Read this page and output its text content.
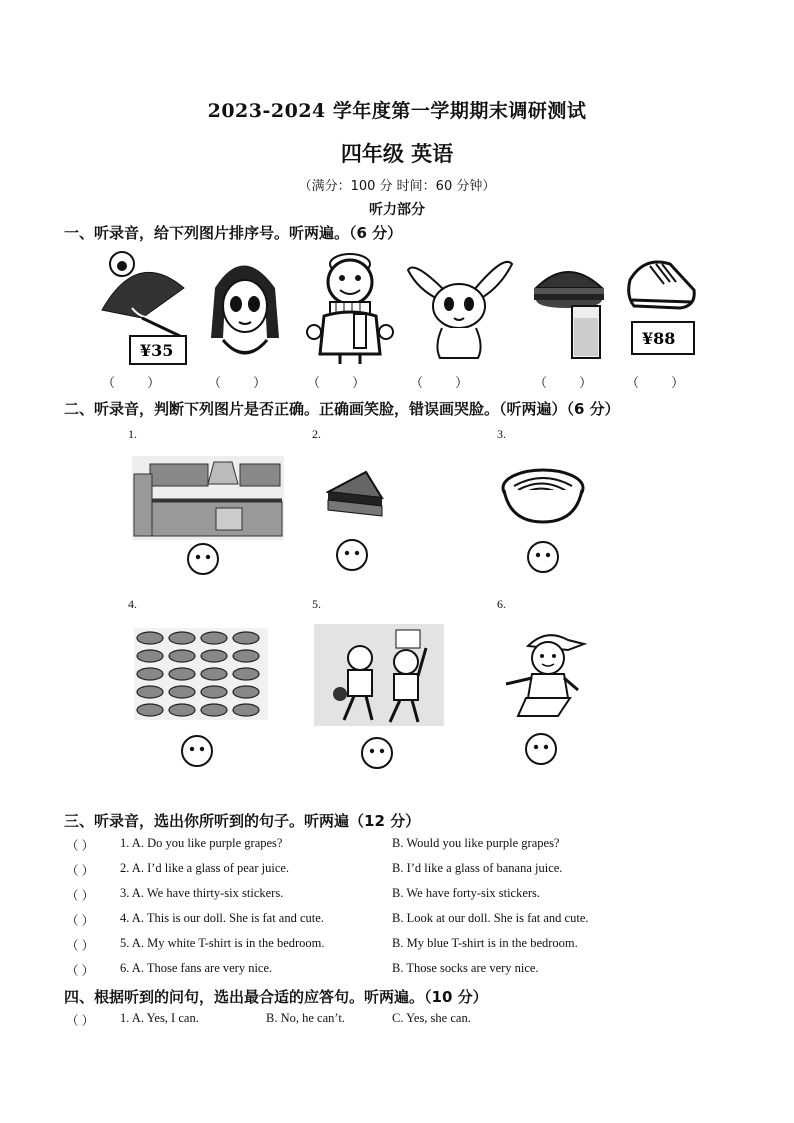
2023-2024 学年度第一学期期末调研测试
四年级 英语
（满分：100 分 时间：60 分钟）
听力部分
一、听录音，给下列图片排序号。听两遍。（6 分）
¥35
¥88
（ ）	（ ） （ ） （ ）	（ ） （ ）
二、听录音，判断下列图片是否正确。正确画笑脸，错误画哭脸。（听两遍）（6 分）
1.	2.	3.
4.	5.	6.
三、听录音，选出你所听到的句子。听两遍（12 分）
（ ） 1. A. Do you like purple grapes?	B. Would you like purple grapes?
（ ） 2. A. I’d like a glass of pear juice.	B. I’d like a glass of banana juice.
（ ） 3. A. We have thirty-six stickers.	B. We have forty-six stickers.
（ ） 4. A. This is our doll. She is fat and cute.	B. Look at our doll. She is fat and cute.
（ ） 5. A. My white T-shirt is in the bedroom.	B. My blue T-shirt is in the bedroom.
（ ） 6. A. Those fans are very nice.	B. Those socks are very nice.
四、根据听到的问句，选出最合适的应答句。听两遍。（10 分）
（ ） 1. A. Yes, I can.	B. No, he can’t.	C. Yes, she can.
